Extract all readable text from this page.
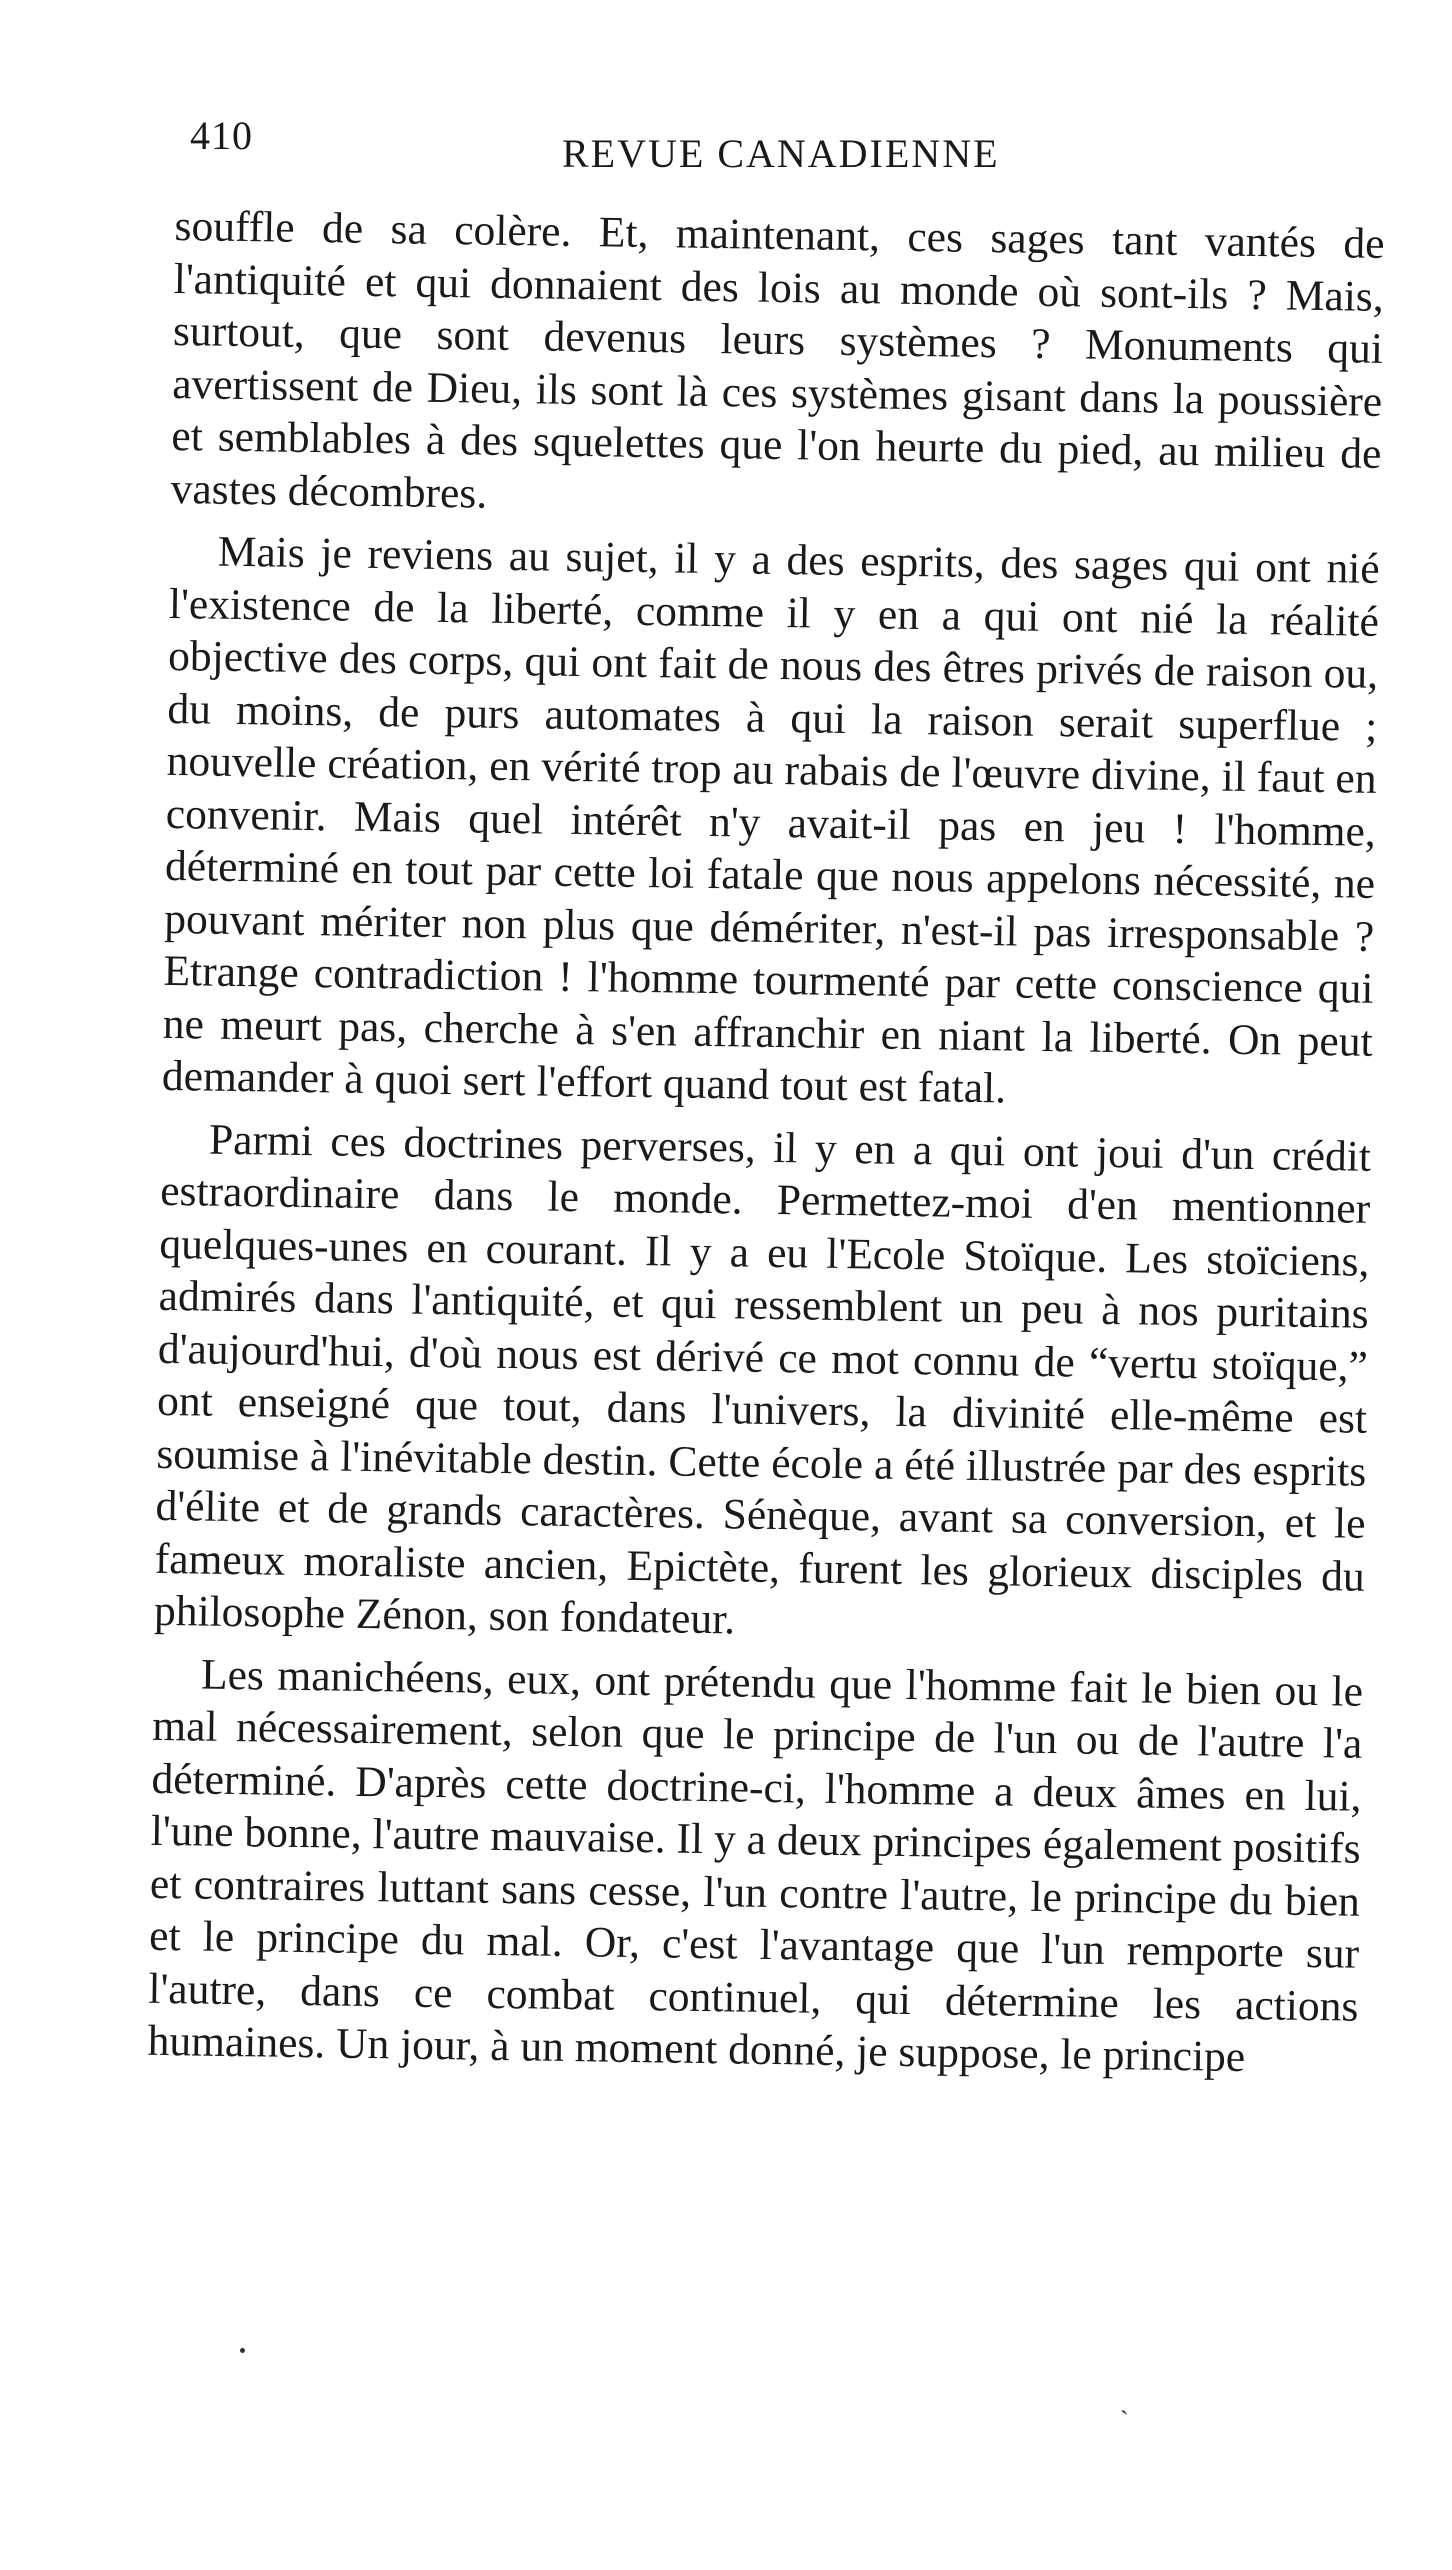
410	REVUE CANADIENNE

souffle de sa colère. Et, maintenant, ces sages tant vantés de l'antiquité et qui donnaient des lois au monde où sont-ils ? Mais, surtout, que sont devenus leurs systèmes ? Monuments qui avertissent de Dieu, ils sont là ces systèmes gisant dans la poussière et semblables à des squelettes que l'on heurte du pied, au milieu de vastes décombres.

Mais je reviens au sujet, il y a des esprits, des sages qui ont nié l'existence de la liberté, comme il y en a qui ont nié la réalité objective des corps, qui ont fait de nous des êtres privés de raison ou, du moins, de purs automates à qui la raison serait superflue ; nouvelle création, en vérité trop au rabais de l'œuvre divine, il faut en convenir. Mais quel intérêt n'y avait-il pas en jeu ! l'homme, déterminé en tout par cette loi fatale que nous appelons nécessité, ne pouvant mériter non plus que démériter, n'est-il pas irresponsable ? Etrange contradiction ! l'homme tourmenté par cette conscience qui ne meurt pas, cherche à s'en affranchir en niant la liberté. On peut demander à quoi sert l'effort quand tout est fatal.

Parmi ces doctrines perverses, il y en a qui ont joui d'un crédit estraordinaire dans le monde. Permettez-moi d'en mentionner quelques-unes en courant. Il y a eu l'Ecole Stoïque. Les stoïciens, admirés dans l'antiquité, et qui ressemblent un peu à nos puritains d'aujourd'hui, d'où nous est dérivé ce mot connu de “vertu stoïque,” ont enseigné que tout, dans l'univers, la divinité elle-même est soumise à l'inévitable destin. Cette école a été illustrée par des esprits d'élite et de grands caractères. Sénèque, avant sa conversion, et le fameux moraliste ancien, Epictète, furent les glorieux disciples du philosophe Zénon, son fondateur.

Les manichéens, eux, ont prétendu que l'homme fait le bien ou le mal nécessairement, selon que le principe de l'un ou de l'autre l'a déterminé. D'après cette doctrine-ci, l'homme a deux âmes en lui, l'une bonne, l'autre mauvaise. Il y a deux principes également positifs et contraires luttant sans cesse, l'un contre l'autre, le principe du bien et le principe du mal. Or, c'est l'avantage que l'un remporte sur l'autre, dans ce combat continuel, qui détermine les actions humaines. Un jour, à un moment donné, je suppose, le principe

ˎ
